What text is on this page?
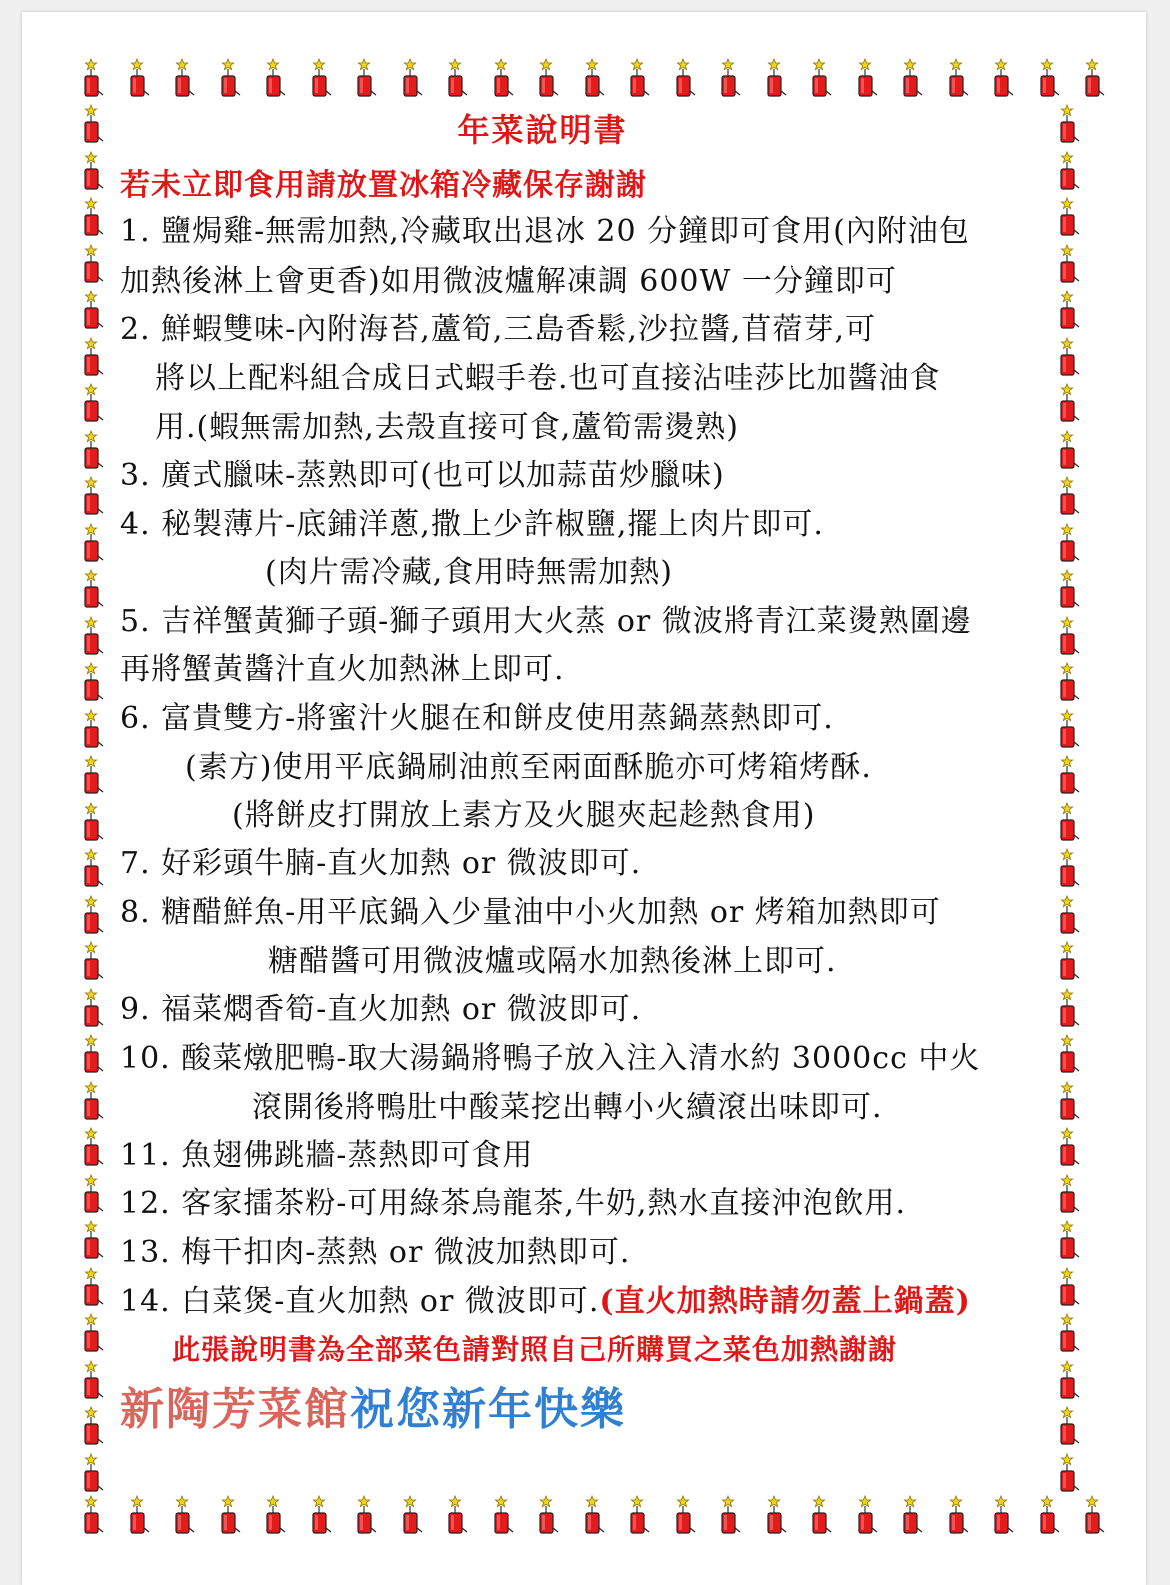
年菜說明書
若未立即食用請放置冰箱冷藏保存謝謝
1. 鹽焗雞-無需加熱,冷藏取出退冰 20 分鐘即可食用(內附油包
加熱後淋上會更香)如用微波爐解凍調 600W 一分鐘即可
2. 鮮蝦雙味-內附海苔,蘆筍,三島香鬆,沙拉醬,苜蓿芽,可
將以上配料組合成日式蝦手卷.也可直接沾哇莎比加醬油食
用.(蝦無需加熱,去殼直接可食,蘆筍需燙熟)
3. 廣式臘味-蒸熟即可(也可以加蒜苗炒臘味)
4. 秘製薄片-底鋪洋蔥,撒上少許椒鹽,擺上肉片即可.
(肉片需冷藏,食用時無需加熱)
5. 吉祥蟹黃獅子頭-獅子頭用大火蒸 or 微波將青江菜燙熟圍邊
再將蟹黃醬汁直火加熱淋上即可.
6. 富貴雙方-將蜜汁火腿在和餅皮使用蒸鍋蒸熱即可.
(素方)使用平底鍋刷油煎至兩面酥脆亦可烤箱烤酥.
(將餅皮打開放上素方及火腿夾起趁熱食用)
7. 好彩頭牛腩-直火加熱 or 微波即可.
8. 糖醋鮮魚-用平底鍋入少量油中小火加熱 or 烤箱加熱即可
糖醋醬可用微波爐或隔水加熱後淋上即可.
9. 福菜燜香筍-直火加熱 or 微波即可.
10. 酸菜燉肥鴨-取大湯鍋將鴨子放入注入清水約 3000cc 中火
滾開後將鴨肚中酸菜挖出轉小火續滾出味即可.
11. 魚翅佛跳牆-蒸熱即可食用
12. 客家擂茶粉-可用綠茶烏龍茶,牛奶,熱水直接沖泡飲用.
13. 梅干扣肉-蒸熱 or 微波加熱即可.
14. 白菜煲-直火加熱 or 微波即可.(直火加熱時請勿蓋上鍋蓋)
此張說明書為全部菜色請對照自己所購買之菜色加熱謝謝
新陶芳菜館祝您新年快樂
